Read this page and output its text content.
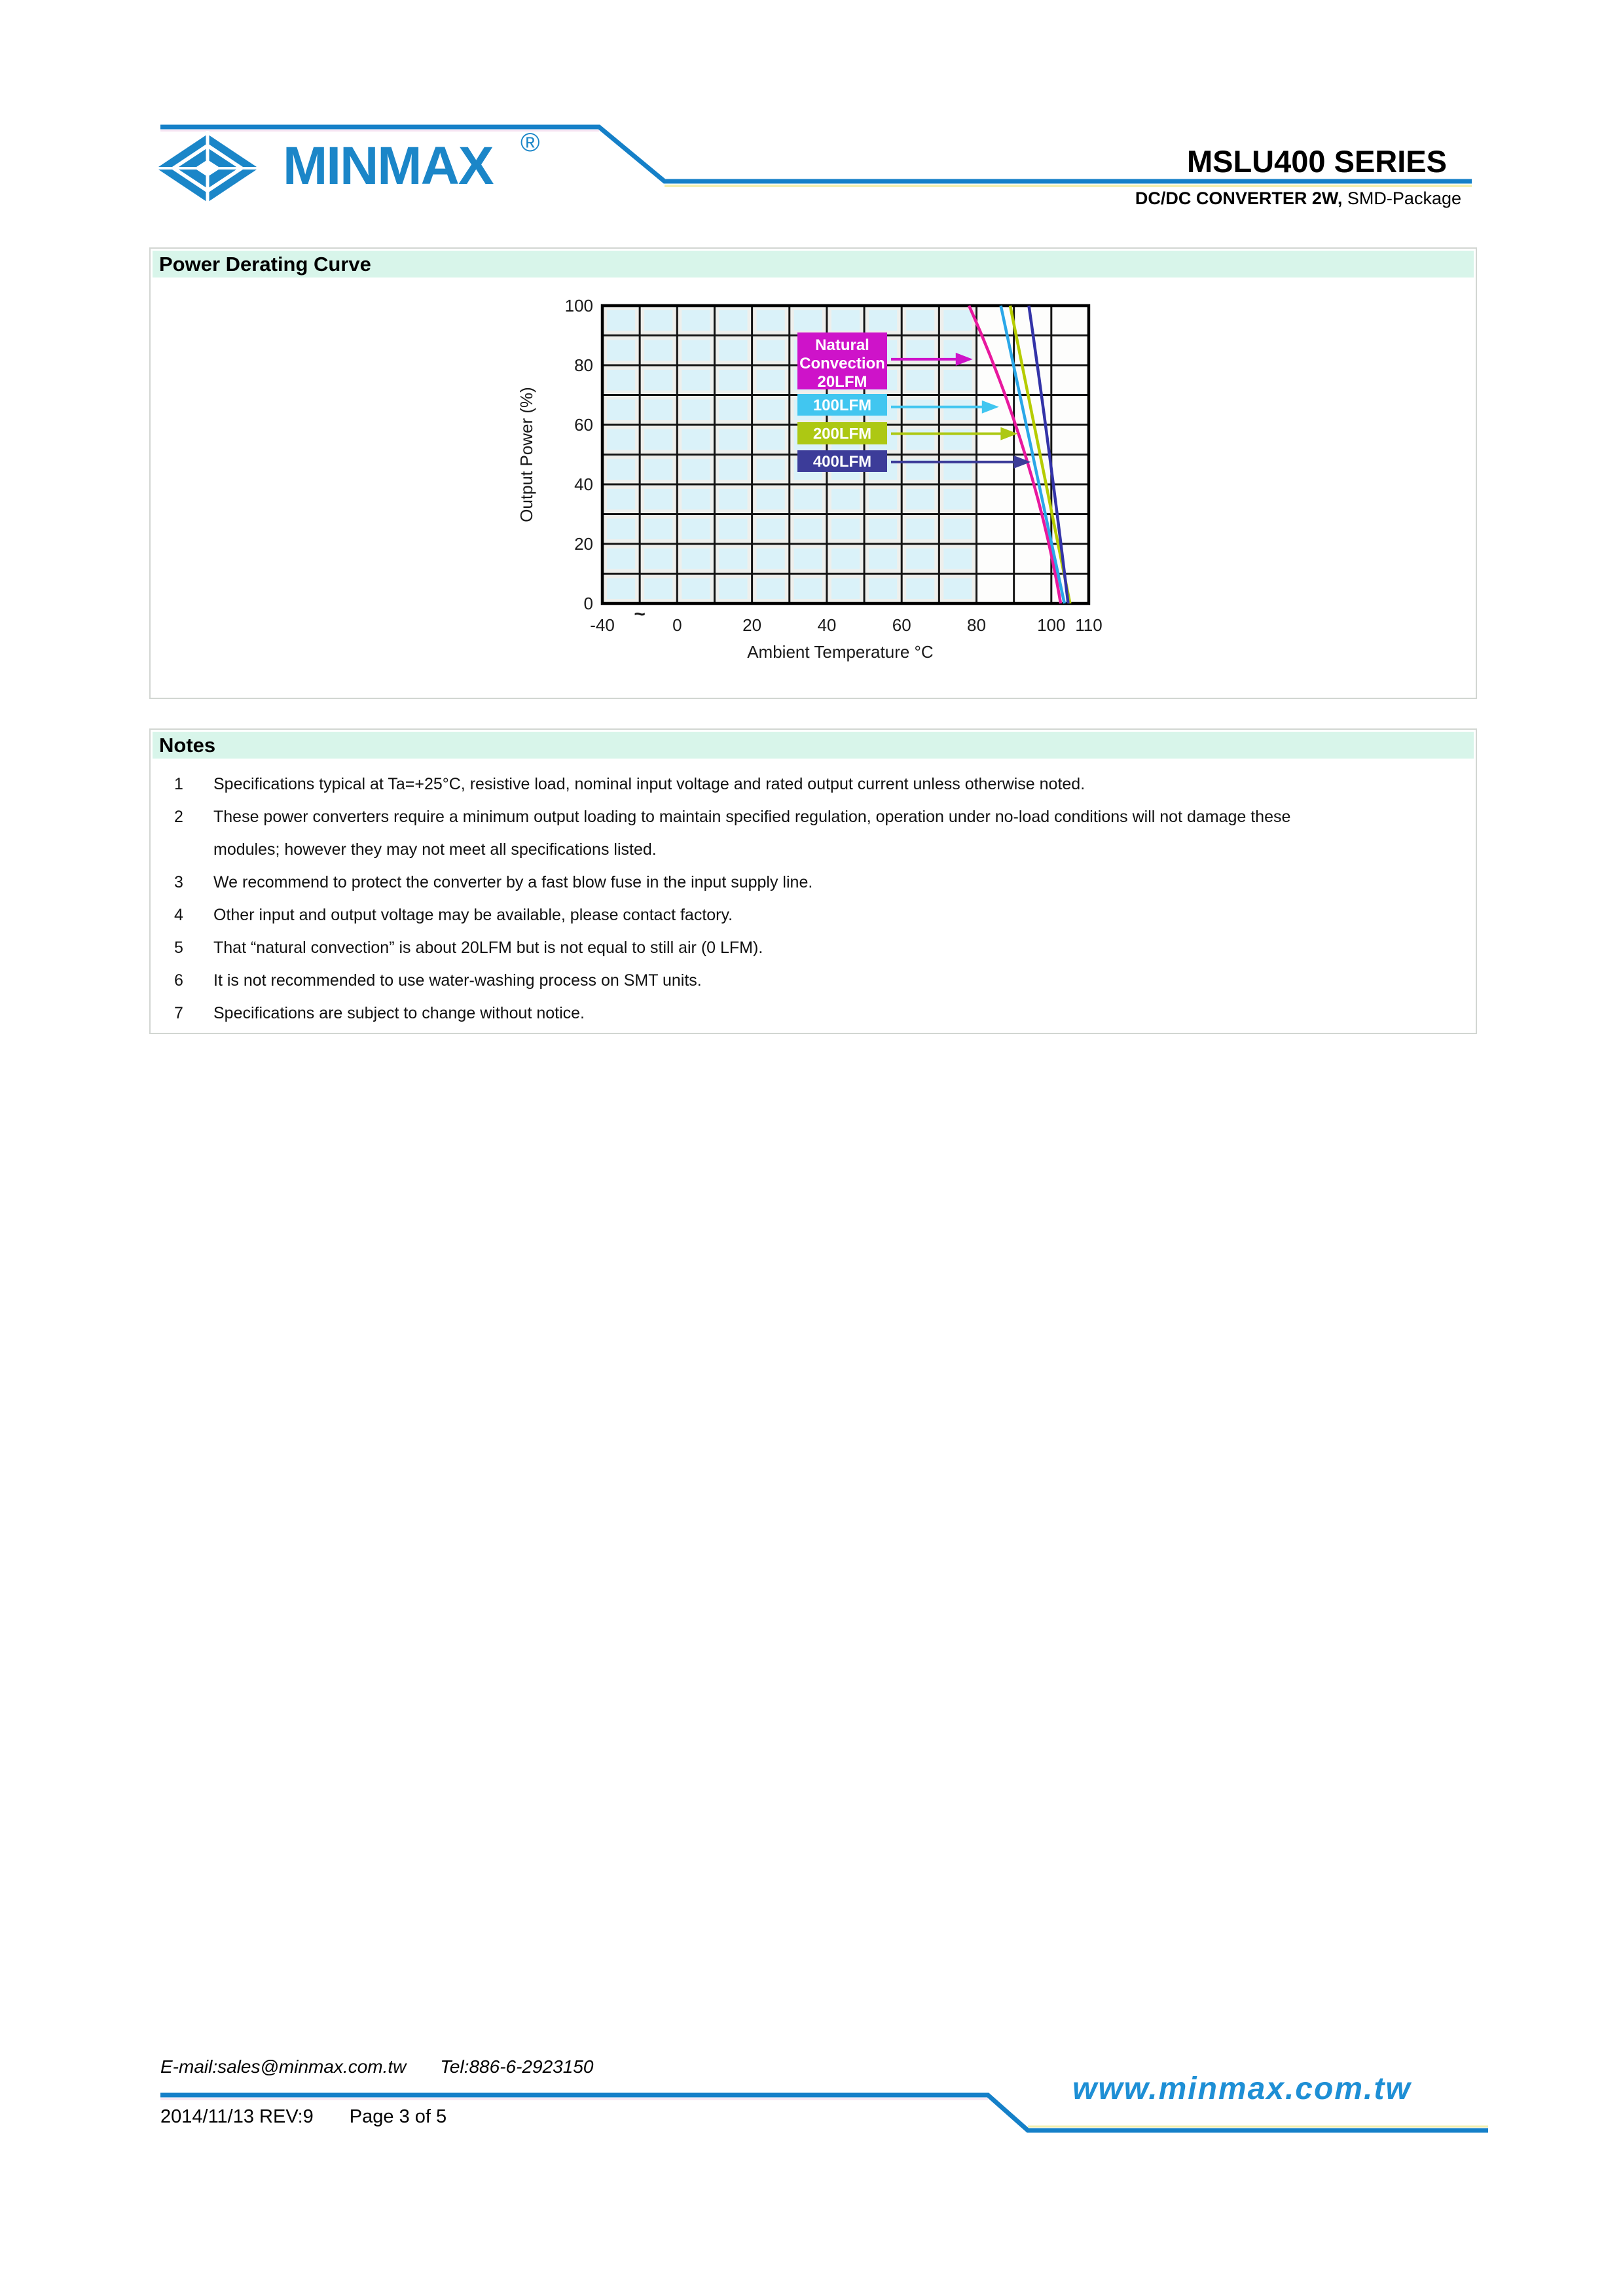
MINMAX ®
MSLU400 SERIES
DC/DC CONVERTER 2W, SMD-Package
Power Derating Curve
Natural
Convection
20LFM
100LFM
200LFM
400LFM
-40	0	20	40	60	80	100 110
~
0
20
40
60
80
100
Ambient Temperature °C
Output Power (%)
Notes
1	Specifications typical at Ta=+25°C, resistive load, nominal input voltage and rated output current unless otherwise noted.
2	These power converters require a minimum output loading to maintain specified regulation, operation under no-load conditions will not damage these
modules; however they may not meet all specifications listed.
3	We recommend to protect the converter by a fast blow fuse in the input supply line.
4	Other input and output voltage may be available, please contact factory.
5	That “natural convection” is about 20LFM but is not equal to still air (0 LFM).
6	It is not recommended to use water-washing process on SMT units.
7	Specifications are subject to change without notice.
E-mail:sales@minmax.com.tw Tel:886-6-2923150
www.minmax.com.tw
2014/11/13 REV:9 Page 3 of 5
